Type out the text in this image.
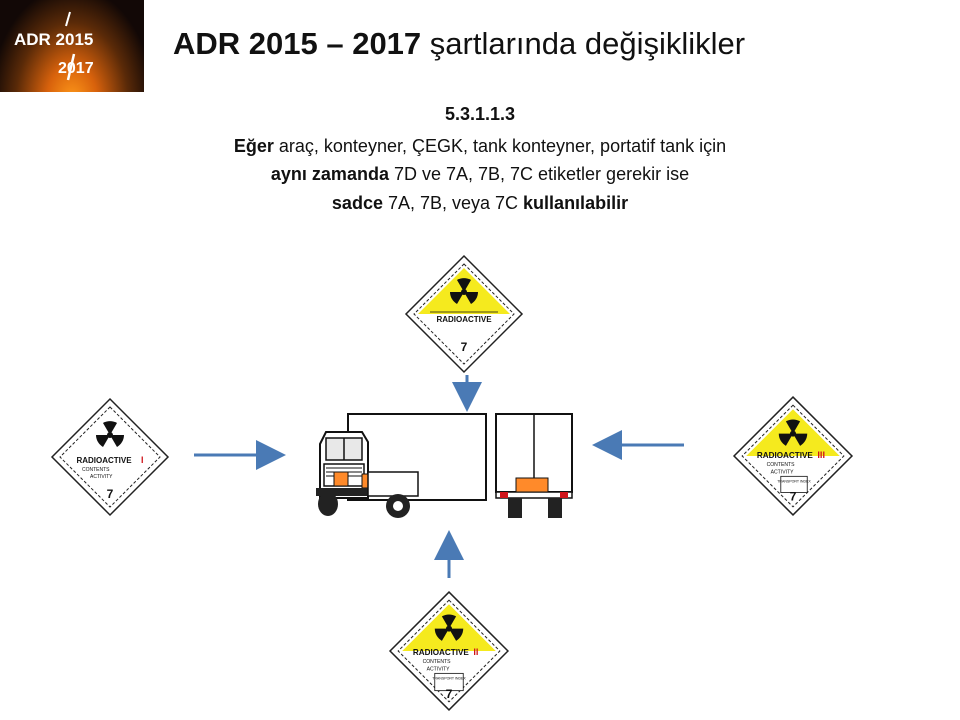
ADR 2015
2017
ADR 2015 – 2017 şartlarında değişiklikler
5.3.1.1.3
Eğer araç, konteyner, ÇEGK, tank konteyner, portatif tank için
aynı zamanda 7D ve 7A, 7B, 7C etiketler gerekir ise
sadce 7A, 7B, veya 7C kullanılabilir
RADIOACTIVE
7
RADIOACTIVE I
CONTENTS
ACTIVITY
7
RADIOACTIVE III
CONTENTS
ACTIVITY
TRANSPORT INDEX
7
RADIOACTIVE II
CONTENTS
ACTIVITY
TRANSPORT INDEX
7
